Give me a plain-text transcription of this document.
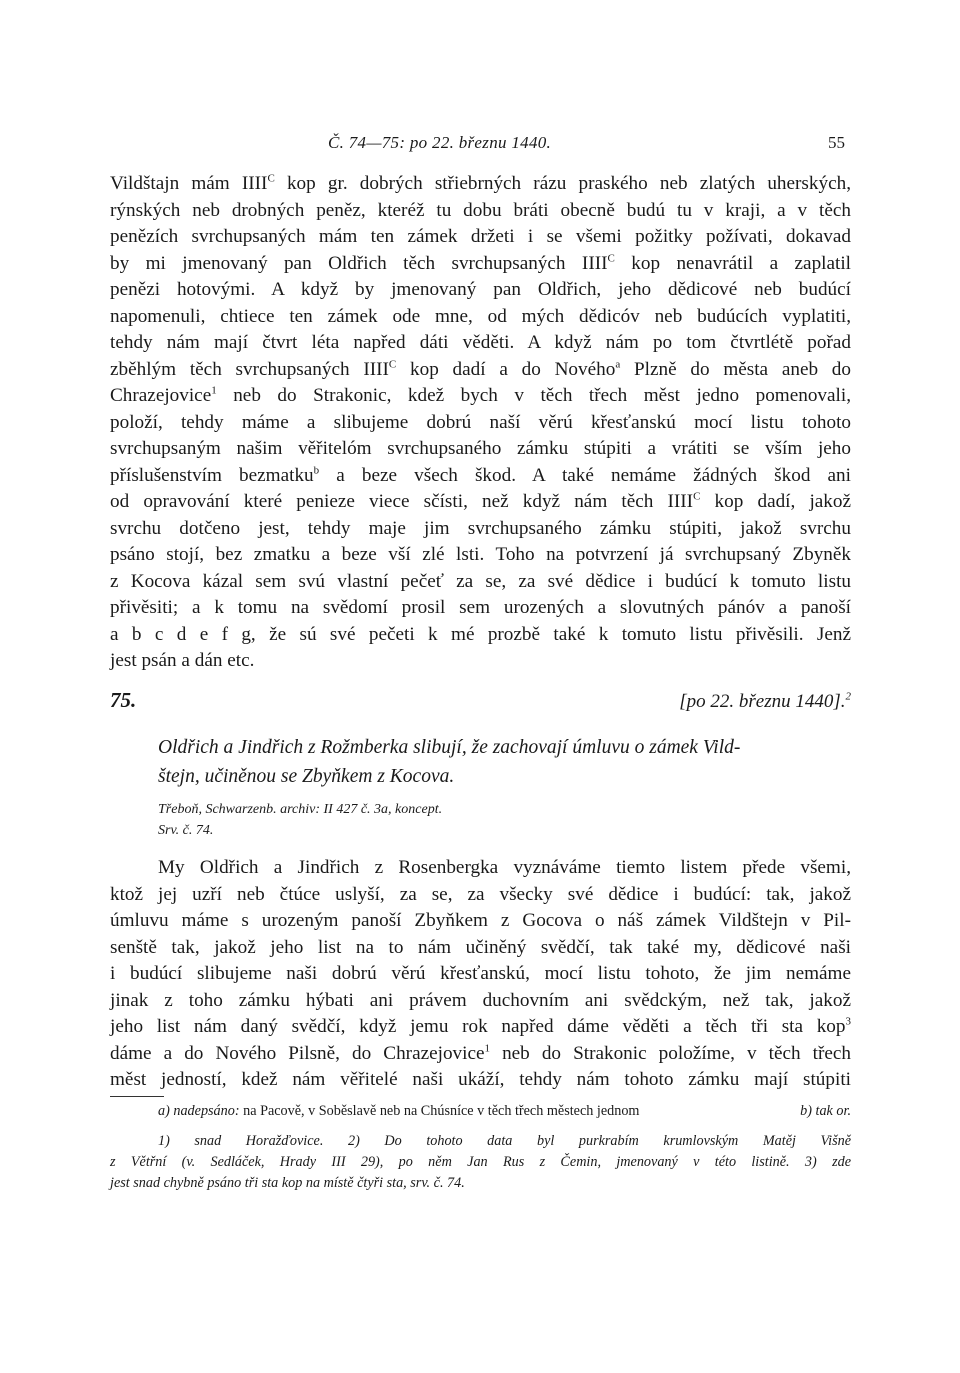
Č. 74—75: po 22. březnu 1440.	55
Vildštajn mám $IIII^C$ kop gr. dobrých střiebrných rázu praského neb zlatých uherských,
rýnských neb drobných peněz, kteréž tu dobu bráti obecně budú tu v kraji, a v těch
penězích svrchupsaných mám ten zámek držeti i se všemi požitky požívati, dokavad
by mi jmenovaný pan Oldřich těch svrchupsaných $IIII^C$ kop nenavrátil a zaplatil
penězi hotovými. A když by jmenovaný pan Oldřich, jeho dědicové neb budúcí
napomenuli, chtiece ten zámek ode mne, od mých dědicóv neb budúcích vyplatiti,
tehdy nám mají čtvrt léta napřed dáti věděti. A když nám po tom čtvrtlétě pořad
zběhlým těch svrchupsaných $IIII^C$ kop dadí a do Nového$^a$ Plzně do města aneb do
Chrazejovice$^1$ neb do Strakonic, kdež bych v těch třech měst jedno pomenovali,
položí, tehdy máme a slibujeme dobrú naší věrú křesťanskú mocí listu tohoto
svrchupsaným našim věřitelóm svrchupsaného zámku stúpiti a vrátiti se vším jeho
příslušenstvím bezmatku$^b$ a beze všech škod. A také nemáme žádných škod ani
od opravování které penieze viece sčísti, než když nám těch $IIII^C$ kop dadí, jakož
svrchu dotčeno jest, tehdy maje jim svrchupsaného zámku stúpiti, jakož svrchu
psáno stojí, bez zmatku a beze vší zlé lsti. Toho na potvrzení já svrchupsaný Zbyněk
z Kocova kázal sem svú vlastní pečeť za se, za své dědice i budúcí k tomuto listu
přivěsiti; a k tomu na svědomí prosil sem urozených a slovutných pánóv a panoší
a b c d e f g, že sú své pečeti k mé prozbě také k tomuto listu přivěsili. Jenž
jest psán a dán etc.
75.	[po 22. březnu 1440].$^2$
Oldřich a Jindřich z Rožmberka slibují, že zachovají úmluvu o zámek Vild-
štejn, učiněnou se Zbyňkem z Kocova.
Třeboň, Schwarzenb. archiv: II 427 č. 3a, koncept.
Srv. č. 74.
My Oldřich a Jindřich z Rosenbergka vyznáváme tiemto listem přede všemi,
ktož jej uzří neb čtúce uslyší, za se, za všecky své dědice i budúcí: tak, jakož
úmluvu máme s urozeným panoší Zbyňkem z Gocova o náš zámek Vildštejn v Pil-
senště tak, jakož jeho list na to nám učiněný svědčí, tak také my, dědicové naši
i budúcí slibujeme naši dobrú věrú křesťanskú, mocí listu tohoto, že jim nemáme
jinak z toho zámku hýbati ani právem duchovním ani svědckým, než tak, jakož
jeho list nám daný svědčí, když jemu rok napřed dáme věděti a těch tři sta kop$^3$
dáme a do Nového Pilsně, do Chrazejovice$^1$ neb do Strakonic položíme, v těch třech
měst jedností, kdež nám věřitelé naši ukáží, tehdy nám tohoto zámku mají stúpiti
a) nadepsáno: na Pacově, v Soběslavě neb na Chúsníce v těch třech městech jednom	b) tak or.
1) snad Horažďovice. 2) Do tohoto data byl purkrabím krumlovským Matěj Višně
z Větřní (v. Sedláček, Hrady III 29), po něm Jan Rus z Čemin, jmenovaný v této listině. 3) zde
jest snad chybně psáno tři sta kop na místě čtyři sta, srv. č. 74.
